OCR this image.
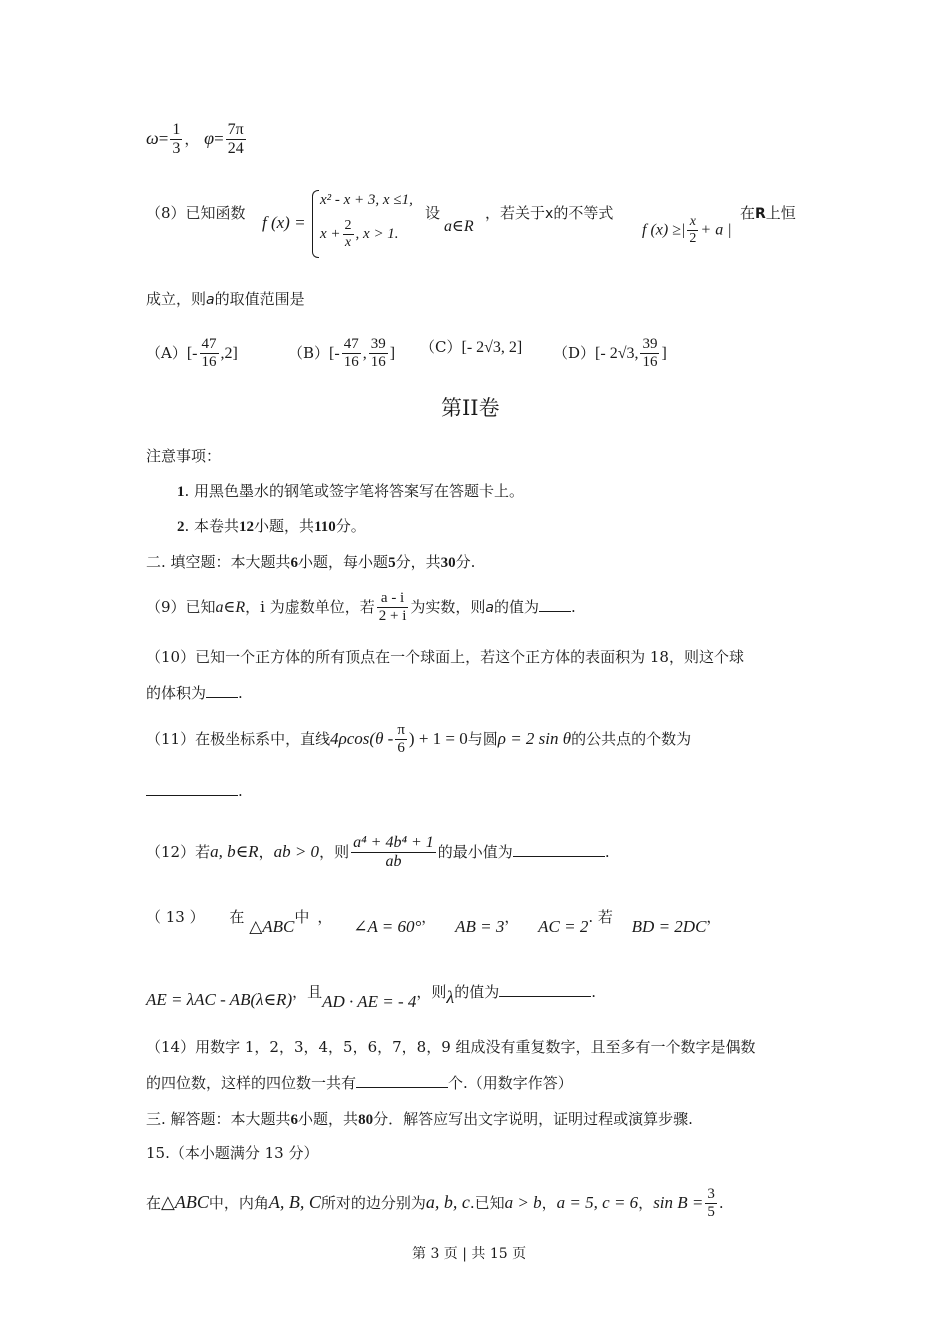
$\omega= \frac{1}{3}$ ， $\varphi= \frac{7\pi}{24}$
（8）已知函数 f (x) =
x² - x + 3, x ≤1,
$x + \frac{2}{x}$ , x > 1.
设
a∈R
，若关于x的不等式
f (x) ≥| $\frac{x}{2} + a$ |
在R上恒
成立，则a的取值范围是
$(A)[- \frac{47}{16} ,2]$	$(B)[- \frac{47}{16}$ , $\frac{39}{16}$ ] （C）[- 2√3, 2] （D）[- 2√3, $\frac{39}{16}$ ]
第II卷
注意事项：
1. 用黑色墨水的钢笔或签字笔将答案写在答题卡上。
2. 本卷共12小题，共110分。
二. 填空题：本大题共6小题，每小题5分，共30分.
（9）已知a∈R，i 为虚数单位，若 $\frac{a - i}{2 + i}$ 为实数，则a的值为 .
（10）已知一个正方体的所有顶点在一个球面上，若这个正方体的表面积为 18，则这个球
的体积为 .
（11）在极坐标系中，直线$4\rho\cos(\theta - \frac{\pi}{6}$ ) + 1 = 0与圆ρ = 2 sin θ的公共点的个数为
.
（12）若a, b∈R，ab > 0，则 $\frac{\text{a⁴ + 4b⁴ + 1}}{ab}$ 的最小值为	.
（ 13 ） 在 △ABC中 ， ∠A = 60°， AB = 3， AC = 2. 若 BD = 2DC，
AE = λAC - AB(λ∈R)，且AD · AE = - 4，则λ的值为	.
（14）用数字 1，2，3，4，5，6，7，8，9 组成没有重复数字，且至多有一个数字是偶数
的四位数，这样的四位数一共有	个.（用数字作答）
三. 解答题：本大题共6小题，共80分．解答应写出文字说明，证明过程或演算步骤.
15.（本小题满分 13 分）
在△ABC中，内角A, B, C所对的边分别为a, b, c.已知a > b，a = 5, c = 6，$\sin B = \frac{3}{5}$ .
第 3 页 | 共 15 页
